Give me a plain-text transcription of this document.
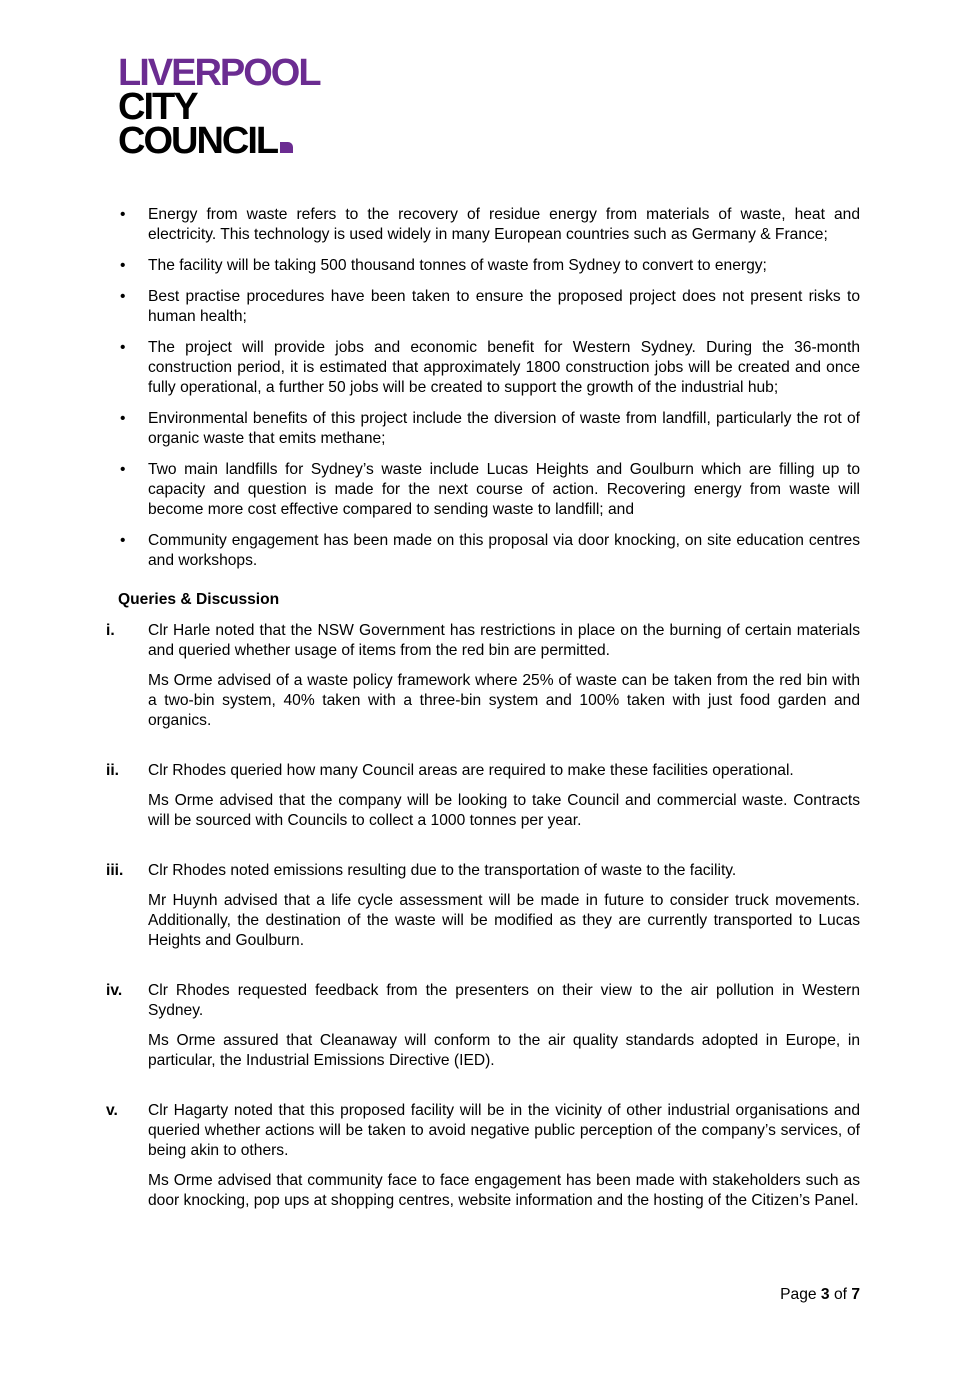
LIVERPOOL
CITY
COUNCIL
• Energy from waste refers to the recovery of residue energy from materials of waste, heat and electricity. This technology is used widely in many European countries such as Germany & France;
• The facility will be taking 500 thousand tonnes of waste from Sydney to convert to energy;
• Best practise procedures have been taken to ensure the proposed project does not present risks to human health;
• The project will provide jobs and economic benefit for Western Sydney. During the 36-month construction period, it is estimated that approximately 1800 construction jobs will be created and once fully operational, a further 50 jobs will be created to support the growth of the industrial hub;
• Environmental benefits of this project include the diversion of waste from landfill, particularly the rot of organic waste that emits methane;
• Two main landfills for Sydney’s waste include Lucas Heights and Goulburn which are filling up to capacity and question is made for the next course of action. Recovering energy from waste will become more cost effective compared to sending waste to landfill; and
• Community engagement has been made on this proposal via door knocking, on site education centres and workshops.
Queries & Discussion
i.	Clr Harle noted that the NSW Government has restrictions in place on the burning of certain materials and queried whether usage of items from the red bin are permitted.

Ms Orme advised of a waste policy framework where 25% of waste can be taken from the red bin with a two-bin system, 40% taken with a three-bin system and 100% taken with just food garden and organics.

ii.	Clr Rhodes queried how many Council areas are required to make these facilities operational.

Ms Orme advised that the company will be looking to take Council and commercial waste. Contracts will be sourced with Councils to collect a 1000 tonnes per year.

iii.	Clr Rhodes noted emissions resulting due to the transportation of waste to the facility.

Mr Huynh advised that a life cycle assessment will be made in future to consider truck movements. Additionally, the destination of the waste will be modified as they are currently transported to Lucas Heights and Goulburn.

iv.	Clr Rhodes requested feedback from the presenters on their view to the air pollution in Western Sydney.

Ms Orme assured that Cleanaway will conform to the air quality standards adopted in Europe, in particular, the Industrial Emissions Directive (IED).

v.	Clr Hagarty noted that this proposed facility will be in the vicinity of other industrial organisations and queried whether actions will be taken to avoid negative public perception of the company’s services, of being akin to others.

Ms Orme advised that community face to face engagement has been made with stakeholders such as door knocking, pop ups at shopping centres, website information and the hosting of the Citizen’s Panel.

Page 3 of 7
